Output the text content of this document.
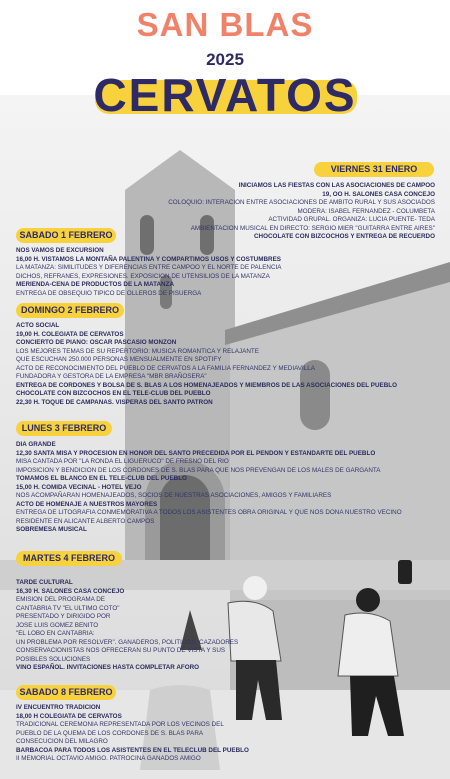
SAN BLAS
2025
CERVATOS
VIERNES 31 ENERO
INICIAMOS LAS FIESTAS CON LAS ASOCIACIONES DE CAMPOO
19, OO H. SALONES CASA CONCEJO
COLOQUIO: INTERACION ENTRE ASOCIACIONES DE AMBITO RURAL Y SUS ASOCIADOS
MODERA: ISABEL FERNANDEZ - COLUMBETA
ACTIVIDAD GRUPAL. ORGANIZA: LUCIA PUENTE- TEDA
AMBIENTACION MUSICAL EN DIRECTO: SERGIO MIER "GUITARRA ENTRE AIRES"
CHOCOLATE CON BIZCOCHOS Y ENTREGA DE RECUERDO
SABADO 1 FEBRERO
NOS VAMOS DE EXCURSION
16,00 H. VISTAMOS LA MONTAÑA PALENTINA Y COMPARTIMOS USOS Y COSTUMBRES
LA MATANZA: SIMILITUDES Y DIFERENCIAS ENTRE CAMPOO Y EL NORTE DE PALENCIA
DICHOS, REFRANES, EXPRESIONES. EXPOSICION DE UTENSILIOS DE LA MATANZA
MERIENDA-CENA DE PRODUCTOS DE LA MATANZA
ENTREGA DE OBSEQUIO TIPICO DE OLLEROS DE PISUERGA
DOMINGO 2 FEBRERO
ACTO SOCIAL
19,00 H. COLEGIATA DE CERVATOS
CONCIERTO DE PIANO: OSCAR PASCASIO MONZON
LOS MEJORES TEMAS DE SU REPERTORIO: MUSICA ROMANTICA Y RELAJANTE
QUE ESCUCHAN 250.000 PERSONAS MENSUALMENTE EN SPOTIFY
ACTO DE RECONOCIMIENTO DEL PUEBLO DE CERVATOS A LA FAMILIA FERNANDEZ Y MEDIAVILLA
FUNDADORA Y GESTORA DE LA EMPRESA "MBR BRAÑOSERA"
ENTREGA DE CORDONES Y BOLSA DE S. BLAS A LOS HOMENAJEADOS Y MIEMBROS DE LAS ASOCIACIONES DEL PUEBLO
CHOCOLATE CON BIZCOCHOS EN EL TELE-CLUB DEL PUEBLO
22,30 H. TOQUE DE CAMPANAS. VISPERAS DEL SANTO PATRON
LUNES 3 FEBRERO
DIA GRANDE
12,30 SANTA MISA Y PROCESION EN HONOR DEL SANTO PRECEDIDA POR EL PENDON Y ESTANDARTE DEL PUEBLO
MISA CANTADA POR "LA RONDA EL LIGUERUCO" DE FRESNO DEL RIO
IMPOSICION Y BENDICION DE LOS CORDONES DE S. BLAS PARA QUE NOS PREVENGAN DE LOS MALES DE GARGANTA
TOMAMOS EL BLANCO EN EL TELE-CLUB DEL PUEBLO
15,00 H. COMIDA VECINAL - HOTEL VEJO
NOS ACOMPAÑARAN HOMENAJEADOS, SOCIOS DE NUESTRAS ASOCIACIONES, AMIGOS Y FAMILIARES
ACTO DE HOMENAJE A NUESTROS MAYORES
ENTREGA DE LITOGRAFIA CONMEMORATIVA A TODOS LOS ASISTENTES OBRA ORIGINAL Y QUE NOS DONA NUESTRO VECINO
RESIDENTE EN ALICANTE ALBERTO CAMPOS
SOBREMESA MUSICAL
MARTES 4 FEBRERO
TARDE CULTURAL
16,30 H. SALONES CASA CONCEJO
EMISION DEL PROGRAMA DE
CANTABRIA TV "EL ULTIMO COTO"
PRESENTADO Y DIRIGIDO POR
JOSE LUIS GOMEZ BENITO
"EL LOBO EN CANTABRIA:
UN PROBLEMA POR RESOLVER". GANADEROS, POLITICOS, CAZADORES
CONSERVACIONISTAS NOS OFRECERAN SU PUNTO DE VISTA Y SUS
POSIBLES SOLUCIONES
VINO ESPAÑOL. INVITACIONES HASTA COMPLETAR AFORO
SABADO 8 FEBRERO
IV ENCUENTRO TRADICION
18,00 H COLEGIATA DE CERVATOS
TRADICIONAL CEREMONIA REPRESENTADA POR LOS VECINOS DEL
PUEBLO DE LA QUEMA DE LOS CORDONES DE S. BLAS PARA
CONSECUCION DEL MILAGRO
BARBACOA PARA TODOS LOS ASISTENTES EN EL TELECLUB DEL PUEBLO
II MEMORIAL OCTAVIO AMIGO. PATROCINA GANADOS AMIGO
